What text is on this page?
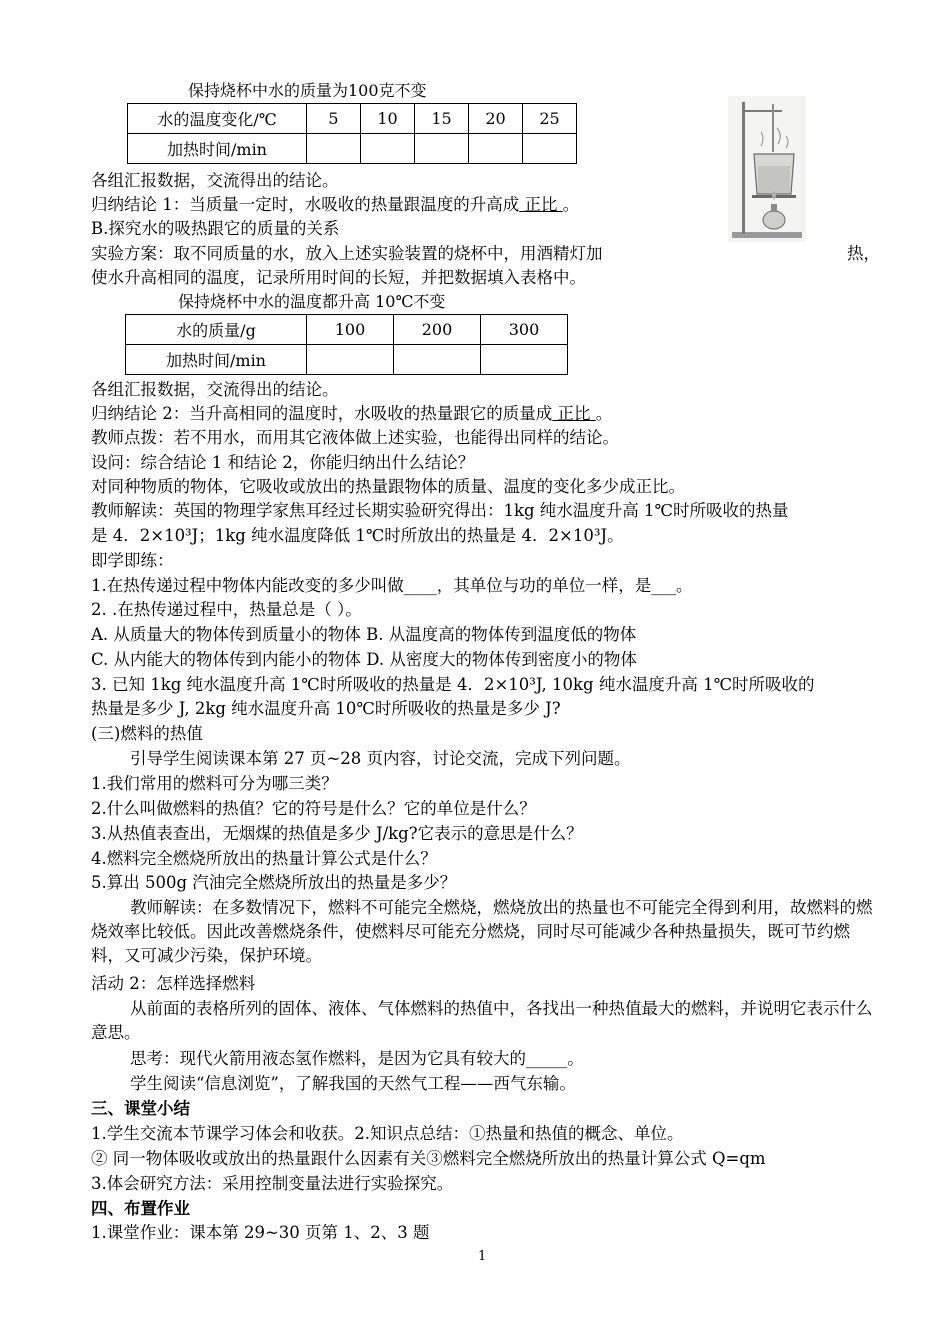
保持烧杯中水的质量为100克不变
水的温度变化/℃	5	10	15	20	25
加热时间/min					
各组汇报数据，交流得出的结论。
归纳结论 1：当质量一定时，水吸收的热量跟温度的升高成 正比 。
B.探究水的吸热跟它的质量的关系
实验方案：取不同质量的水，放入上述实验装置的烧杯中，用酒精灯加	热，
使水升高相同的温度，记录所用时间的长短，并把数据填入表格中。
保持烧杯中水的温度都升高 10℃不变
水的质量/g	100	200	300
加热时间/min			
各组汇报数据，交流得出的结论。
归纳结论 2：当升高相同的温度时，水吸收的热量跟它的质量成 正比 。
教师点拨：若不用水，而用其它液体做上述实验，也能得出同样的结论。
设问：综合结论 1 和结论 2，你能归纳出什么结论？
对同种物质的物体，它吸收或放出的热量跟物体的质量、温度的变化多少成正比。
教师解读：英国的物理学家焦耳经过长期实验研究得出：1kg 纯水温度升高 1℃时所吸收的热量
是 4．2×10³J；1kg 纯水温度降低 1℃时所放出的热量是 4．2×10³J。
即学即练：
1.在热传递过程中物体内能改变的多少叫做____，其单位与功的单位一样，是___。
2. .在热传递过程中，热量总是（ ）。
A. 从质量大的物体传到质量小的物体 B. 从温度高的物体传到温度低的物体
C. 从内能大的物体传到内能小的物体 D. 从密度大的物体传到密度小的物体
3. 已知 1kg 纯水温度升高 1℃时所吸收的热量是 4．2×10³J, 10kg 纯水温度升高 1℃时所吸收的
热量是多少 J, 2kg 纯水温度升高 10℃时所吸收的热量是多少 J?
(三)燃料的热值
引导学生阅读课本第 27 页~28 页内容，讨论交流，完成下列问题。
1.我们常用的燃料可分为哪三类？
2.什么叫做燃料的热值？它的符号是什么？它的单位是什么？
3.从热值表查出，无烟煤的热值是多少 J/kg?它表示的意思是什么？
4.燃料完全燃烧所放出的热量计算公式是什么？
5.算出 500g 汽油完全燃烧所放出的热量是多少？
教师解读：在多数情况下，燃料不可能完全燃烧，燃烧放出的热量也不可能完全得到利用，故燃料的燃烧效率比较低。因此改善燃烧条件，使燃料尽可能充分燃烧，同时尽可能减少各种热量损失，既可节约燃料，又可减少污染，保护环境。
活动 2：怎样选择燃料
从前面的表格所列的固体、液体、气体燃料的热值中，各找出一种热值最大的燃料，并说明它表示什么意思。
思考：现代火箭用液态氢作燃料，是因为它具有较大的_____。
学生阅读“信息浏览”，了解我国的天然气工程——西气东输。
三、课堂小结
1.学生交流本节课学习体会和收获。2.知识点总结：①热量和热值的概念、单位。
② 同一物体吸收或放出的热量跟什么因素有关③燃料完全燃烧所放出的热量计算公式 Q=qm
3.体会研究方法：采用控制变量法进行实验探究。
四、布置作业
1.课堂作业：课本第 29~30 页第 1、2、3 题
1
